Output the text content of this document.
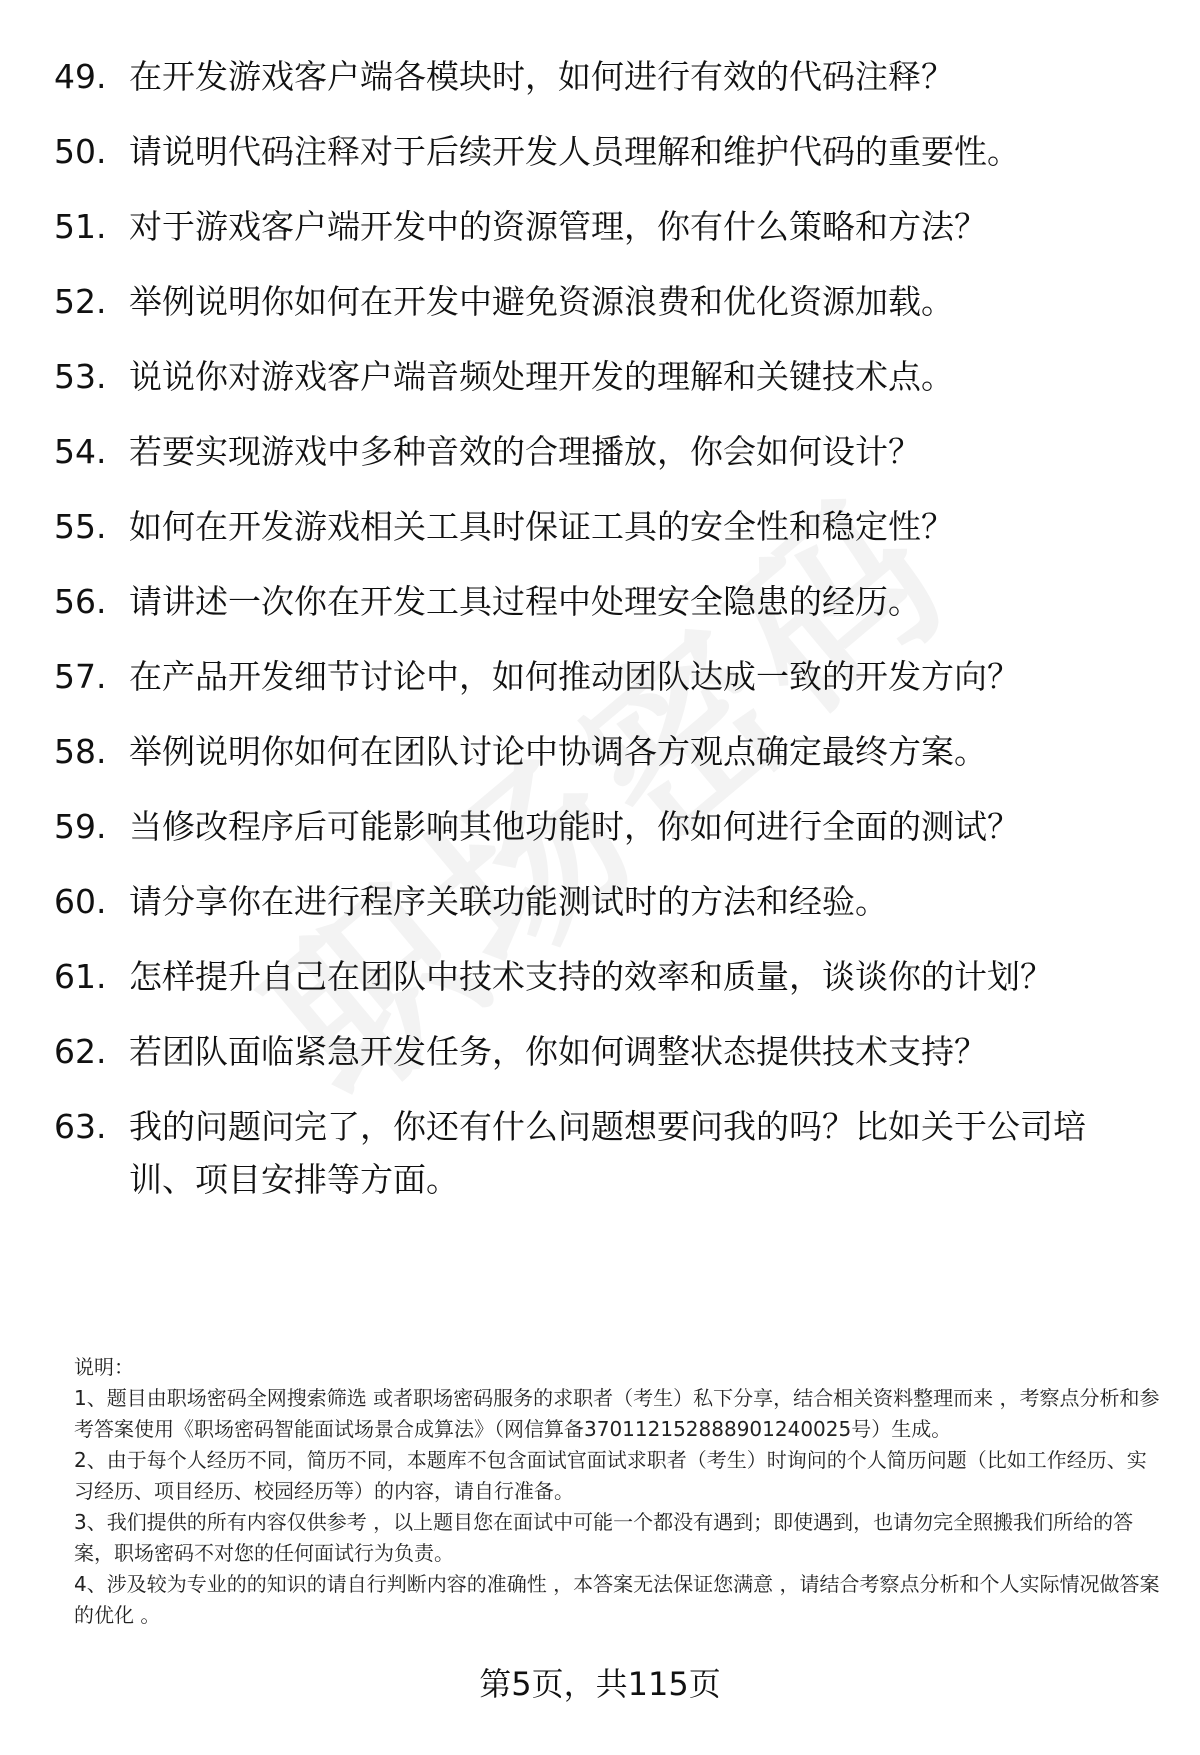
49. 在开发游戏客户端各模块时，如何进行有效的代码注释？
50. 请说明代码注释对于后续开发人员理解和维护代码的重要性。
51. 对于游戏客户端开发中的资源管理，你有什么策略和方法？
52. 举例说明你如何在开发中避免资源浪费和优化资源加载。
53. 说说你对游戏客户端音频处理开发的理解和关键技术点。
54. 若要实现游戏中多种音效的合理播放，你会如何设计？
55. 如何在开发游戏相关工具时保证工具的安全性和稳定性？
56. 请讲述一次你在开发工具过程中处理安全隐患的经历。
57. 在产品开发细节讨论中，如何推动团队达成一致的开发方向？
58. 举例说明你如何在团队讨论中协调各方观点确定最终方案。
59. 当修改程序后可能影响其他功能时，你如何进行全面的测试？
60. 请分享你在进行程序关联功能测试时的方法和经验。
61. 怎样提升自己在团队中技术支持的效率和质量，谈谈你的计划？
62. 若团队面临紧急开发任务，你如何调整状态提供技术支持？
63. 我的问题问完了，你还有什么问题想要问我的吗？比如关于公司培训、项目安排等方面。

说明：

1、题目由职场密码全网搜索筛选 或者职场密码服务的求职者（考生）私下分享，结合相关资料整理而来 ，考察点分析和参考答案使用《职场密码智能面试场景合成算法》（网信算备370112152888901240025号）生成。

2、由于每个人经历不同，简历不同，本题库不包含面试官面试求职者（考生）时询问的个人简历问题（比如工作经历、实习经历、项目经历、校园经历等）的内容，请自行准备。

3、我们提供的所有内容仅供参考 ，以上题目您在面试中可能一个都没有遇到；即使遇到，也请勿完全照搬我们所给的答案，职场密码不对您的任何面试行为负责。

4、涉及较为专业的的知识的请自行判断内容的准确性 ，本答案无法保证您满意 ，请结合考察点分析和个人实际情况做答案的优化 。

第5页，共115页
